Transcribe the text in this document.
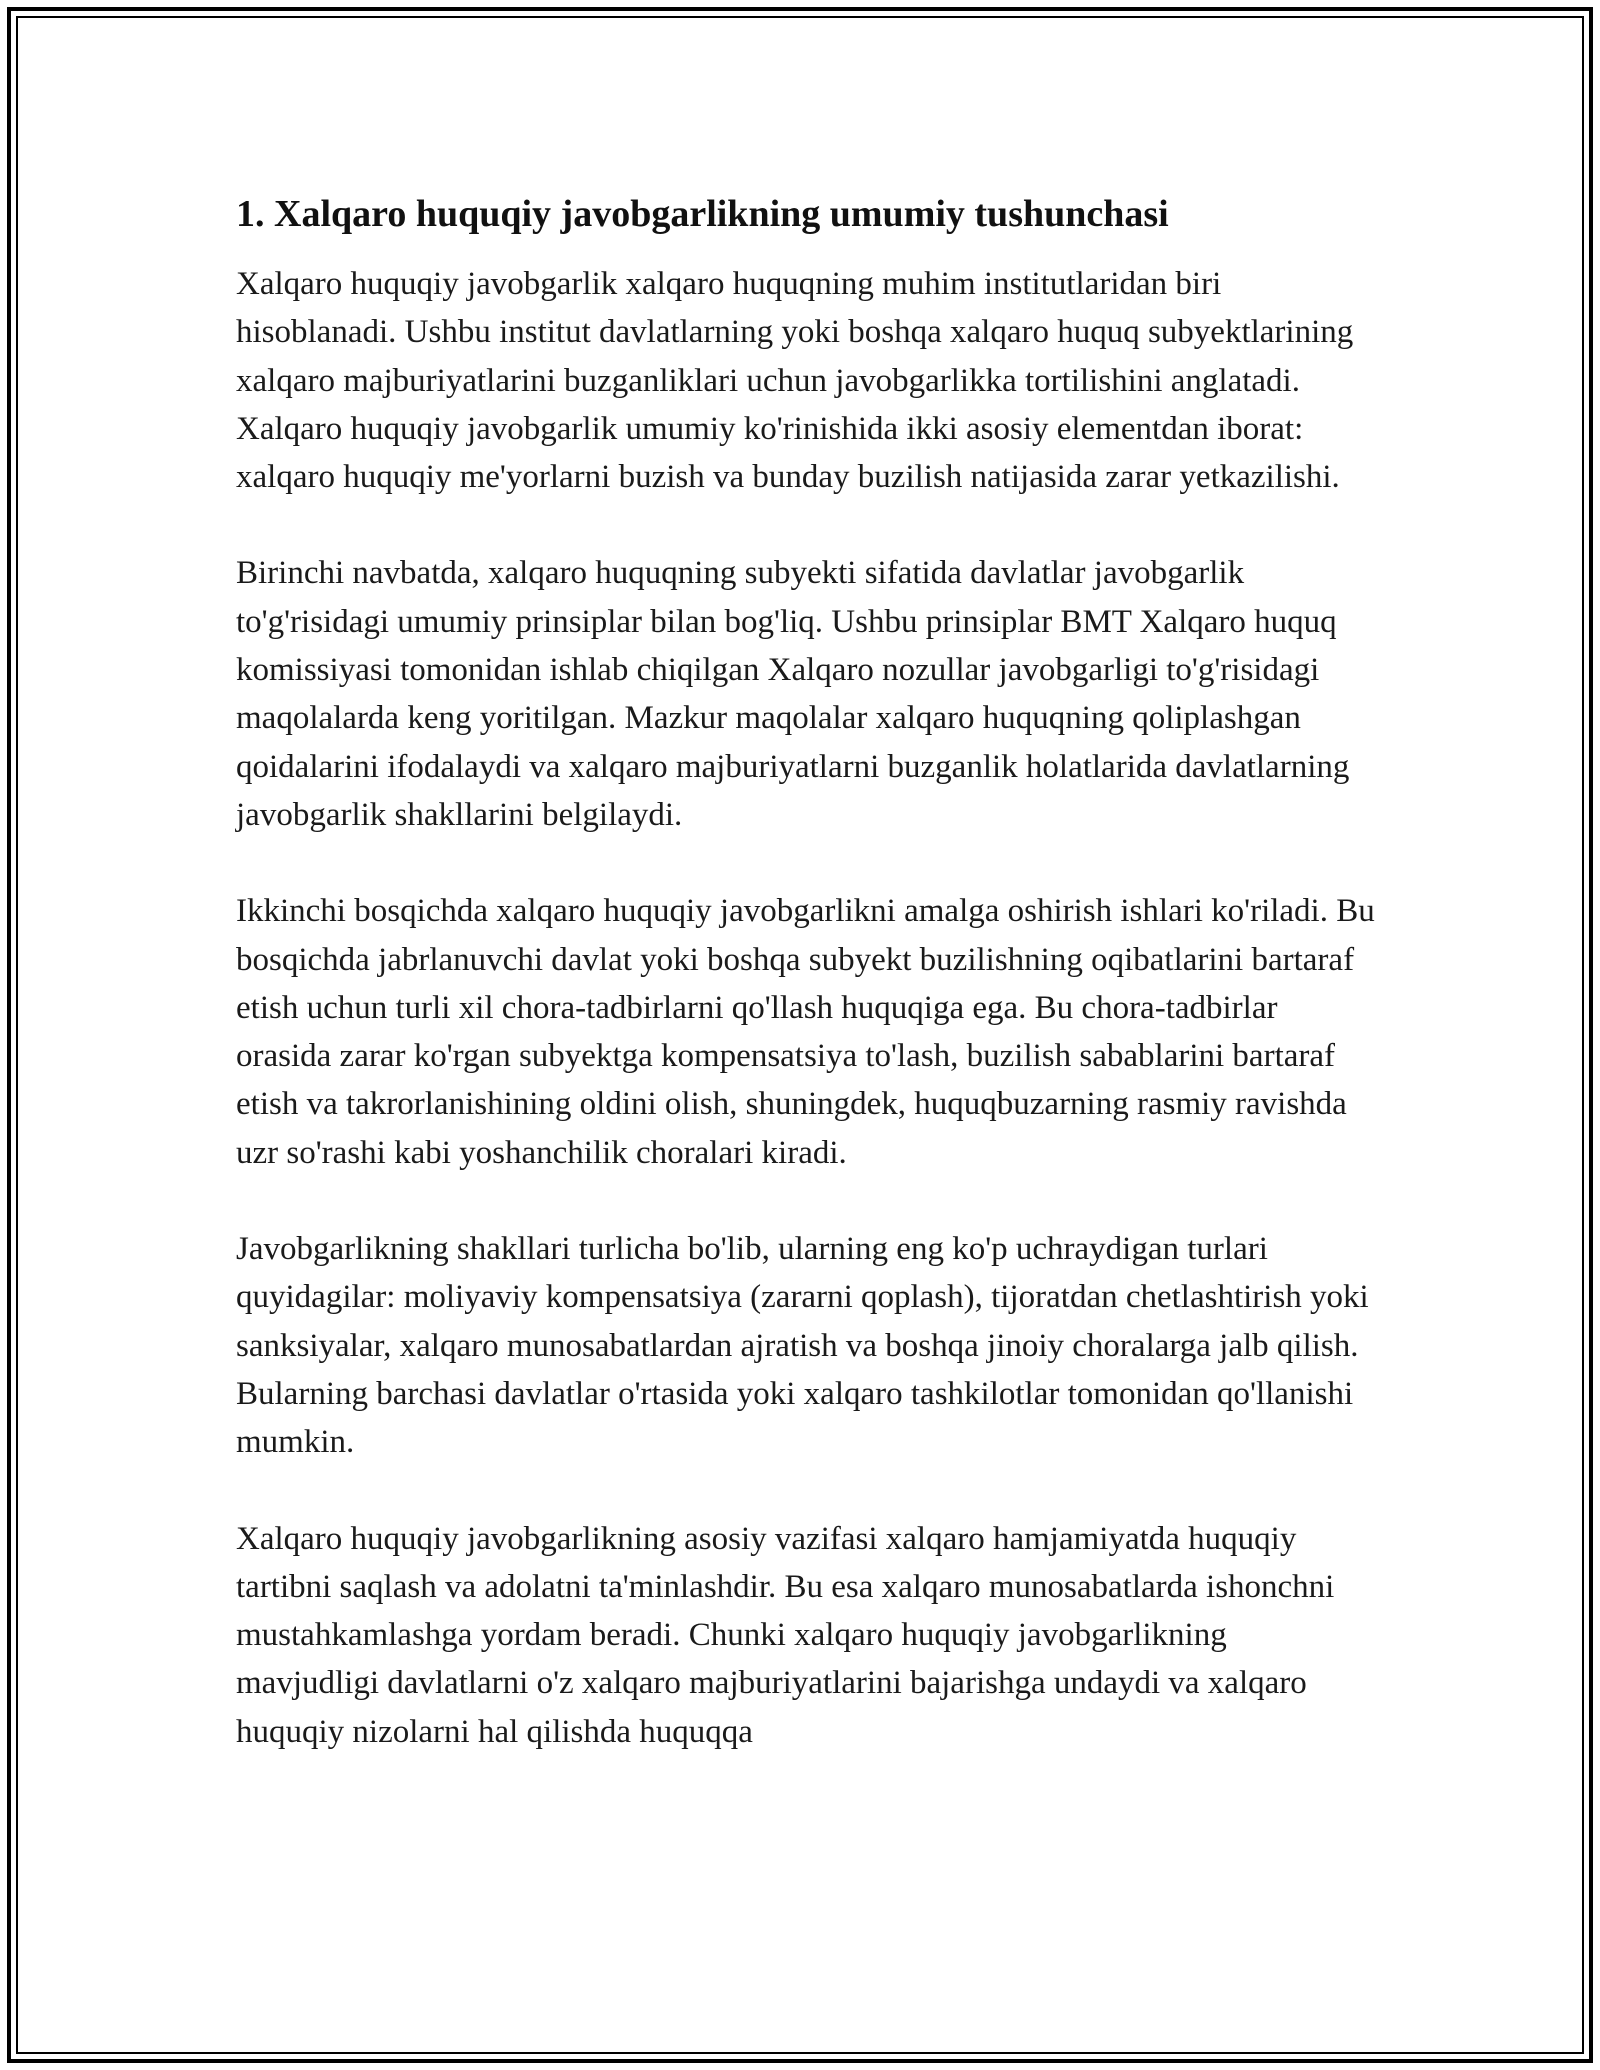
1. Xalqaro huquqiy javobgarlikning umumiy tushunchasi

Xalqaro huquqiy javobgarlik xalqaro huquqning muhim institutlaridan biri hisoblanadi. Ushbu institut davlatlarning yoki boshqa xalqaro huquq subyektlarining xalqaro majburiyatlarini buzganliklari uchun javobgarlikka tortilishini anglatadi. Xalqaro huquqiy javobgarlik umumiy ko'rinishida ikki asosiy elementdan iborat: xalqaro huquqiy me'yorlarni buzish va bunday buzilish natijasida zarar yetkazilishi.

Birinchi navbatda, xalqaro huquqning subyekti sifatida davlatlar javobgarlik to'g'risidagi umumiy prinsiplar bilan bog'liq. Ushbu prinsiplar BMT Xalqaro huquq komissiyasi tomonidan ishlab chiqilgan Xalqaro nozullar javobgarligi to'g'risidagi maqolalarda keng yoritilgan. Mazkur maqolalar xalqaro huquqning qoliplashgan qoidalarini ifodalaydi va xalqaro majburiyatlarni buzganlik holatlarida davlatlarning javobgarlik shakllarini belgilaydi.

Ikkinchi bosqichda xalqaro huquqiy javobgarlikni amalga oshirish ishlari ko'riladi. Bu bosqichda jabrlanuvchi davlat yoki boshqa subyekt buzilishning oqibatlarini bartaraf etish uchun turli xil chora-tadbirlarni qo'llash huquqiga ega. Bu chora-tadbirlar orasida zarar ko'rgan subyektga kompensatsiya to'lash, buzilish sabablarini bartaraf etish va takrorlanishining oldini olish, shuningdek, huquqbuzarning rasmiy ravishda uzr so'rashi kabi yoshanchilik choralari kiradi.

Javobgarlikning shakllari turlicha bo'lib, ularning eng ko'p uchraydigan turlari quyidagilar: moliyaviy kompensatsiya (zararni qoplash), tijoratdan chetlashtirish yoki sanksiyalar, xalqaro munosabatlardan ajratish va boshqa jinoiy choralarga jalb qilish. Bularning barchasi davlatlar o'rtasida yoki xalqaro tashkilotlar tomonidan qo'llanishi mumkin.

Xalqaro huquqiy javobgarlikning asosiy vazifasi xalqaro hamjamiyatda huquqiy tartibni saqlash va adolatni ta'minlashdir. Bu esa xalqaro munosabatlarda ishonchni mustahkamlashga yordam beradi. Chunki xalqaro huquqiy javobgarlikning mavjudligi davlatlarni o'z xalqaro majburiyatlarini bajarishga undaydi va xalqaro huquqiy nizolarni hal qilishda huquqqa
